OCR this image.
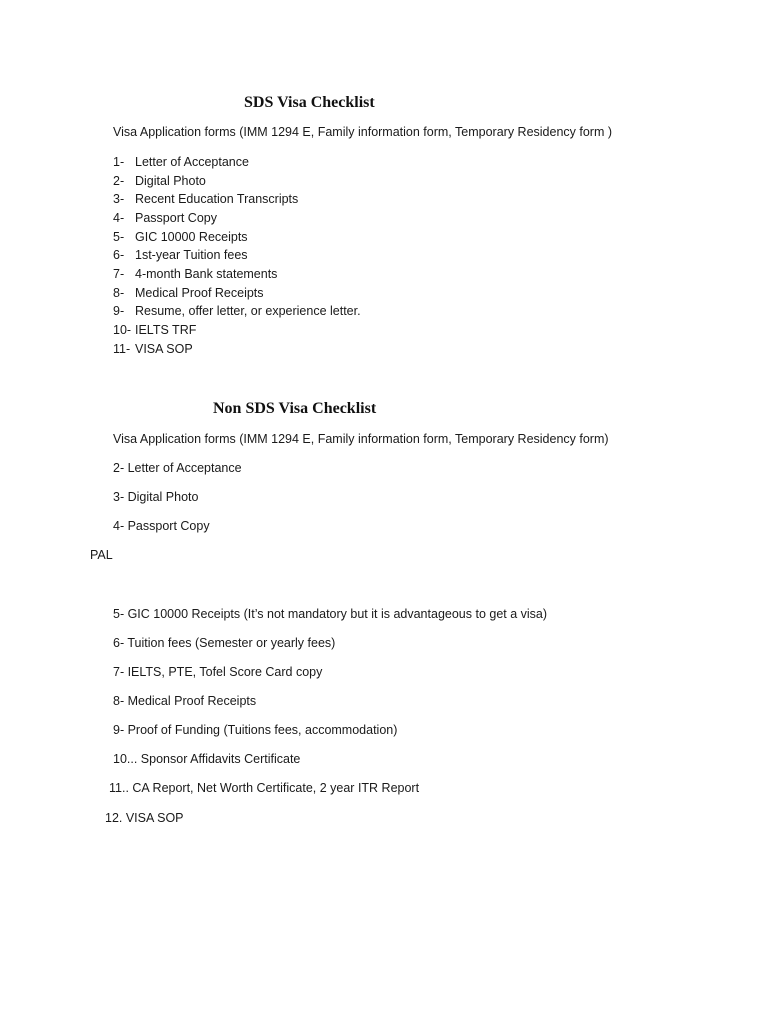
SDS Visa Checklist
Visa Application forms (IMM 1294 E, Family information form, Temporary Residency form )
1- Letter of Acceptance
2- Digital Photo
3- Recent Education Transcripts
4- Passport Copy
5- GIC 10000 Receipts
6- 1st-year Tuition fees
7- 4-month Bank statements
8- Medical Proof Receipts
9- Resume, offer letter, or experience letter.
10- IELTS TRF
11- VISA SOP
Non SDS Visa Checklist
Visa Application forms (IMM 1294 E, Family information form, Temporary Residency form)
2- Letter of Acceptance
3- Digital Photo
4- Passport Copy
PAL
5- GIC 10000 Receipts (It’s not mandatory but it is advantageous to get a visa)
6- Tuition fees (Semester or yearly fees)
7- IELTS, PTE, Tofel Score Card copy
8- Medical Proof Receipts
9- Proof of Funding (Tuitions fees, accommodation)
10... Sponsor Affidavits Certificate
11.. CA Report, Net Worth Certificate, 2 year ITR Report
12. VISA SOP
